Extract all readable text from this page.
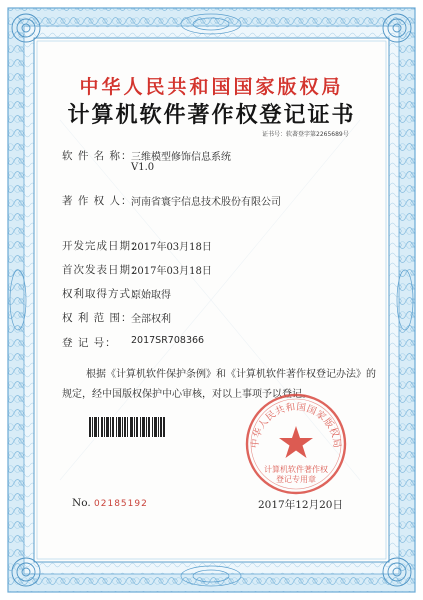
中华人民共和国国家版权局
计算机软件著作权登记证书
证书号：软著登字第2265689号
软 件 名 称：
三维模型修饰信息系统
V1.0
著 作 权 人：
河南省寰宇信息技术股份有限公司
开发完成日期：
2017年03月18日
首次发表日期：
2017年03月18日
权利取得方式：
原始取得
权 利 范 围：
全部权利
登 记 号： 2017SR708366
根据《计算机软件保护条例》和《计算机软件著作权登记办法》的
规定，经中国版权保护中心审核，对以上事项予以登记。
中华人民共和国国家版权局
计算机软件著作权
登记专用章
No. 02185192	2017年12月20日
